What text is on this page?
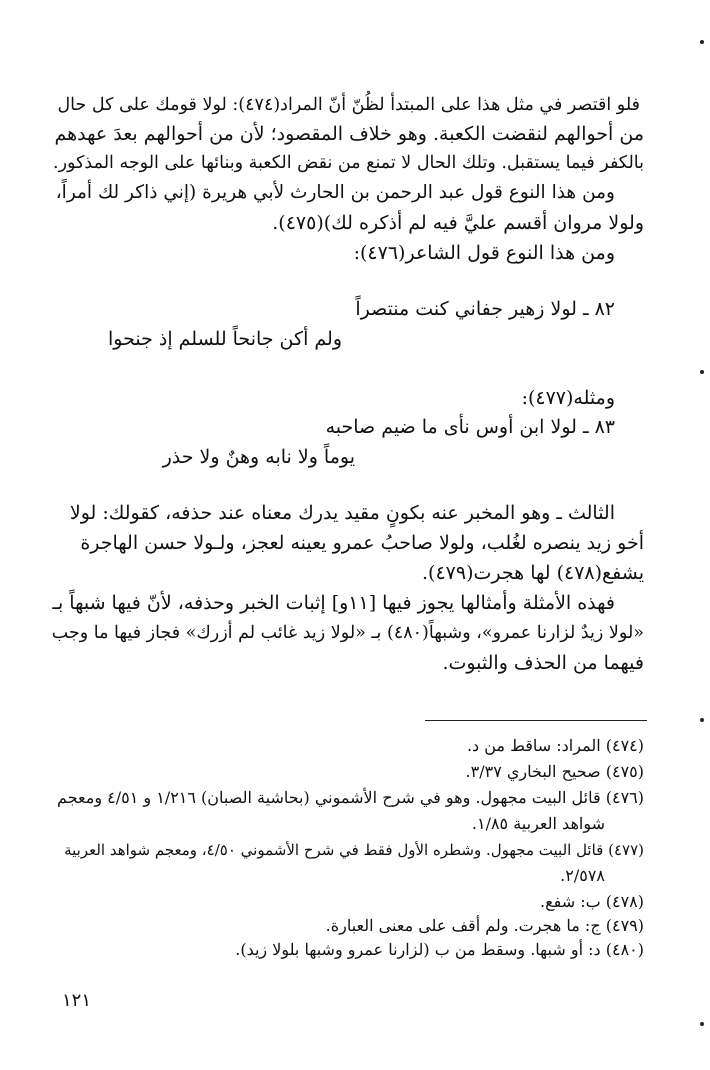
فلو اقتصر في مثل هذا على المبتدأ لظُنّ أنّ المراد(٤٧٤): لولا قومك على كل حال
من أحوالهم لنقضت الكعبة. وهو خلاف المقصود؛ لأن من أحوالهم بعدَ عهدهم
بالكفر فيما يستقبل. وتلك الحال لا تمنع من نقض الكعبة وبنائها على الوجه المذكور.
ومن هذا النوع قول عبد الرحمن بن الحارث لأبي هريرة (إني ذاكر لك أمراً،
ولولا مروان أقسم عليَّ فيه لم أذكره لك)(٤٧٥).
ومن هذا النوع قول الشاعر(٤٧٦):
٨٢ ـ لولا زهير جفاني كنت منتصراً
ولم أكن جانحاً للسلم إذ جنحوا
ومثله(٤٧٧):
٨٣ ـ لولا ابن أوس نأى ما ضيم صاحبه
يوماً ولا نابه وهنٌ ولا حذر
الثالث ـ وهو المخبر عنه بكونٍ مقيد يدرك معناه عند حذفه، كقولك: لولا
أخو زيد ينصره لغُلب، ولولا صاحبُ عمرو يعينه لعجز، ولـولا حسن الهاجرة
يشفع(٤٧٨) لها هجرت(٤٧٩).
فهذه الأمثلة وأمثالها يجوز فيها [١١و] إثبات الخبر وحذفه، لأنّ فيها شبهاً بـ
«لولا زيدٌ لزارنا عمرو»، وشبهاً(٤٨٠) بـ «لولا زيد غائب لم أزرك» فجاز فيها ما وجب
فيهما من الحذف والثبوت.
(٤٧٤) المراد: ساقط من د.
(٤٧٥) صحيح البخاري ٣/٣٧.
(٤٧٦) قائل البيت مجهول. وهو في شرح الأشموني (بحاشية الصبان) ١/٢١٦ و ٤/٥١ ومعجم
شواهد العربية ١/٨٥.
(٤٧٧) قائل البيت مجهول. وشطره الأول فقط في شرح الأشموني ٤/٥٠، ومعجم شواهد العربية
٢/٥٧٨.
(٤٧٨) ب: شفع.
(٤٧٩) ج: ما هجرت. ولم أقف على معنى العبارة.
(٤٨٠) د: أو شبها. وسقط من ب (لزارنا عمرو وشبها بلولا زيد).
١٢١
